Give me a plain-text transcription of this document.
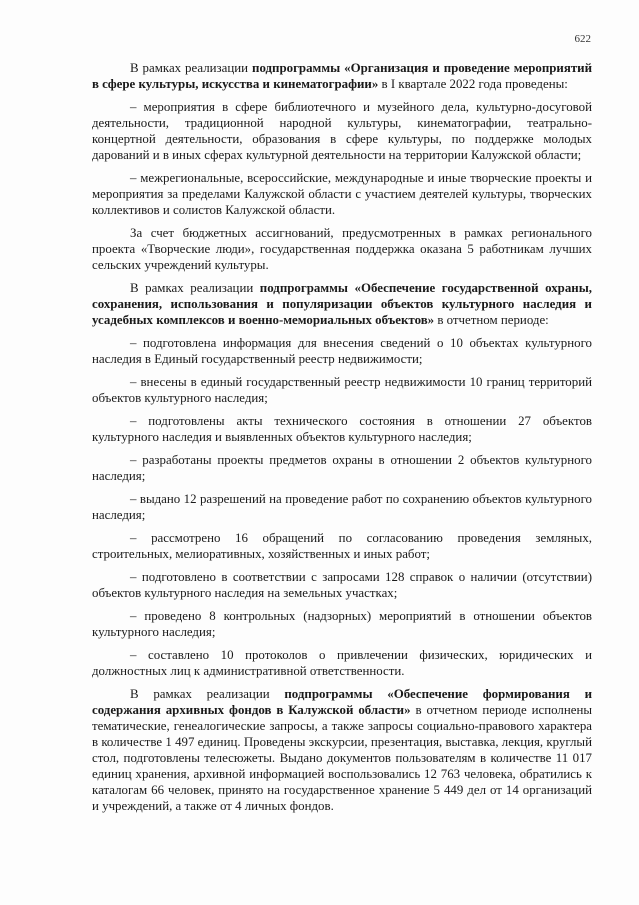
622

В рамках реализации подпрограммы «Организация и проведение мероприятий в сфере культуры, искусства и кинематографии» в I квартале 2022 года проведены:

– мероприятия в сфере библиотечного и музейного дела, культурно-досуговой деятельности, традиционной народной культуры, кинематографии, театрально-концертной деятельности, образования в сфере культуры, по поддержке молодых дарований и в иных сферах культурной деятельности на территории Калужской области;

– межрегиональные, всероссийские, международные и иные творческие проекты и мероприятия за пределами Калужской области с участием деятелей культуры, творческих коллективов и солистов Калужской области.

За счет бюджетных ассигнований, предусмотренных в рамках регионального проекта «Творческие люди», государственная поддержка оказана 5 работникам лучших сельских учреждений культуры.

В рамках реализации подпрограммы «Обеспечение государственной охраны, сохранения, использования и популяризации объектов культурного наследия и усадебных комплексов и военно-мемориальных объектов» в отчетном периоде:

– подготовлена информация для внесения сведений о 10 объектах культурного наследия в Единый государственный реестр недвижимости;

– внесены в единый государственный реестр недвижимости 10 границ территорий объектов культурного наследия;

– подготовлены акты технического состояния в отношении 27 объектов культурного наследия и выявленных объектов культурного наследия;

– разработаны проекты предметов охраны в отношении 2 объектов культурного наследия;

– выдано 12 разрешений на проведение работ по сохранению объектов культурного наследия;

– рассмотрено 16 обращений по согласованию проведения земляных, строительных, мелиоративных, хозяйственных и иных работ;

– подготовлено в соответствии с запросами 128 справок о наличии (отсутствии) объектов культурного наследия на земельных участках;

– проведено 8 контрольных (надзорных) мероприятий в отношении объектов культурного наследия;

– составлено 10 протоколов о привлечении физических, юридических и должностных лиц к административной ответственности.

В рамках реализации подпрограммы «Обеспечение формирования и содержания архивных фондов в Калужской области» в отчетном периоде исполнены тематические, генеалогические запросы, а также запросы социально-правового характера в количестве 1 497 единиц. Проведены экскурсии, презентация, выставка, лекция, круглый стол, подготовлены телесюжеты. Выдано документов пользователям в количестве 11 017 единиц хранения, архивной информацией воспользовались 12 763 человека, обратились к каталогам 66 человек, принято на государственное хранение 5 449 дел от 14 организаций и учреждений, а также от 4 личных фондов.
